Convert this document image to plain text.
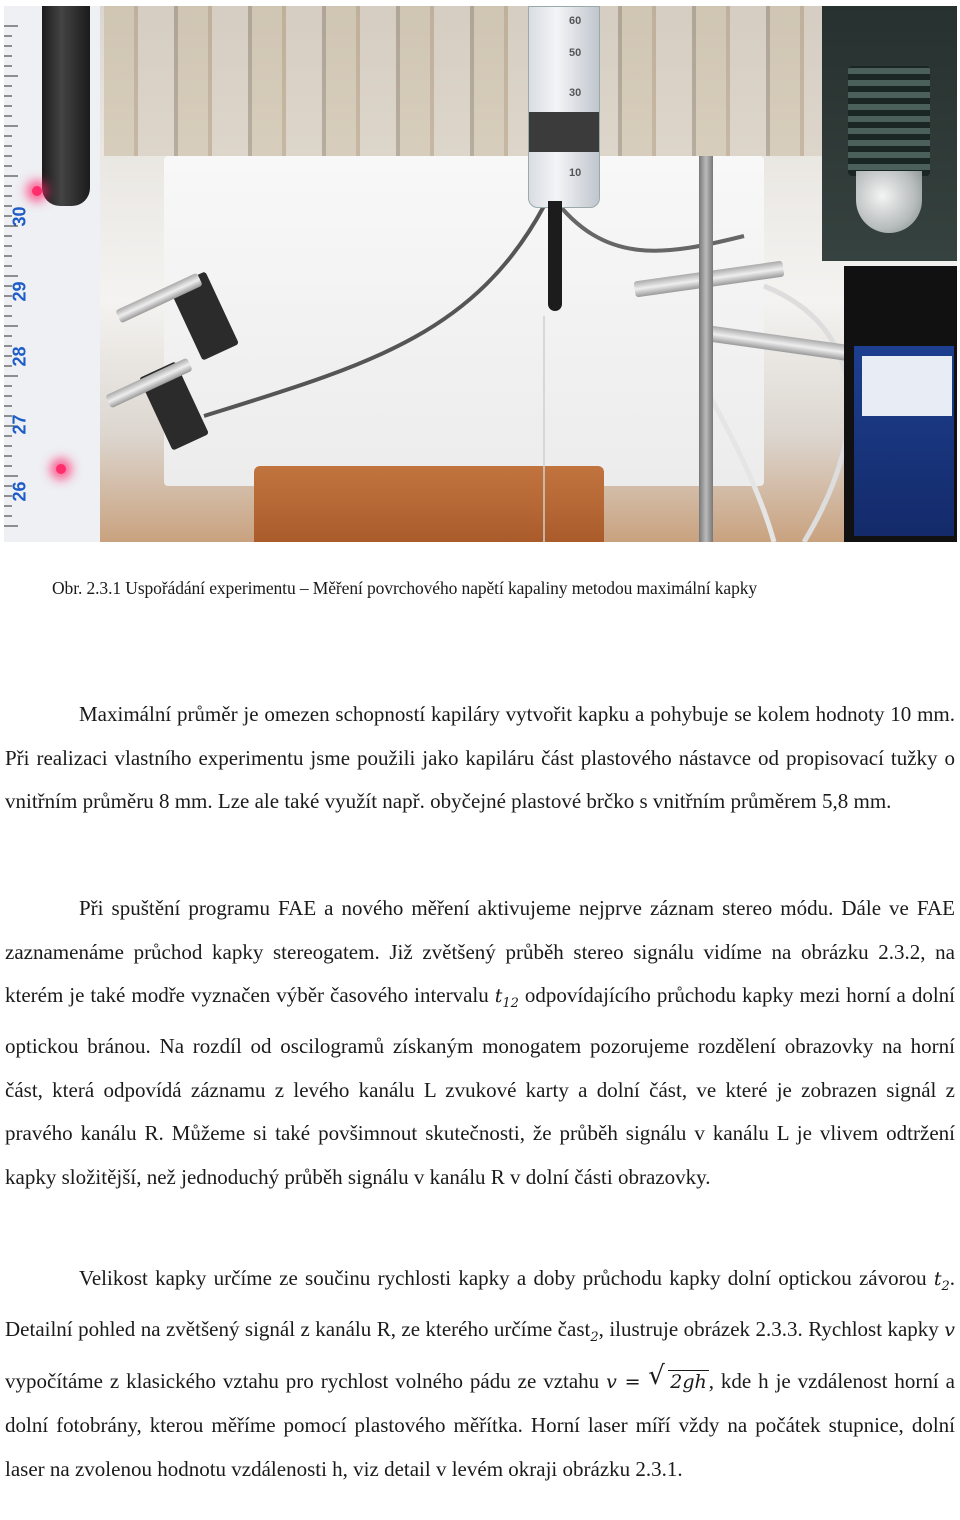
60
50
30
10
30
29
28
27
26
Obr. 2.3.1 Uspořádání experimentu – Měření povrchového napětí kapaliny metodou maximální kapky
Maximální průměr je omezen schopností kapiláry vytvořit kapku a pohybuje se kolem hodnoty 10 mm. Při realizaci vlastního experimentu jsme použili jako kapiláru část plastového nástavce od propisovací tužky o vnitřním průměru 8 mm. Lze ale také využít např. obyčejné plastové brčko s vnitřním průměrem 5,8 mm.
Při spuštění programu FAE a nového měření aktivujeme nejprve záznam stereo módu. Dále ve FAE zaznamenáme průchod kapky stereogatem. Již zvětšený průběh stereo signálu vidíme na obrázku 2.3.2, na kterém je také modře vyznačen výběr časového intervalu $t_{12}$ odpovídajícího průchodu kapky mezi horní a dolní optickou bránou. Na rozdíl od oscilogramů získaným monogatem pozorujeme rozdělení obrazovky na horní část, která odpovídá záznamu z levého kanálu L zvukové karty a dolní část, ve které je zobrazen signál z pravého kanálu R. Můžeme si také povšimnout skutečnosti, že průběh signálu v kanálu L je vlivem odtržení kapky složitější, než jednoduchý průběh signálu v kanálu R v dolní části obrazovky.
Velikost kapky určíme ze součinu rychlosti kapky a doby průchodu kapky dolní optickou závorou $t_2$. Detailní pohled na zvětšený signál z kanálu R, ze kterého určíme čast$_2$, ilustruje obrázek 2.3.3. Rychlost kapky v vypočítáme z klasického vztahu pro rychlost volného pádu ze vztahu v = √ 2gh, kde h je vzdálenost horní a dolní fotobrány, kterou měříme pomocí plastového měřítka. Horní laser míří vždy na počátek stupnice, dolní laser na zvolenou hodnotu vzdálenosti h, viz detail v levém okraji obrázku 2.3.1.
